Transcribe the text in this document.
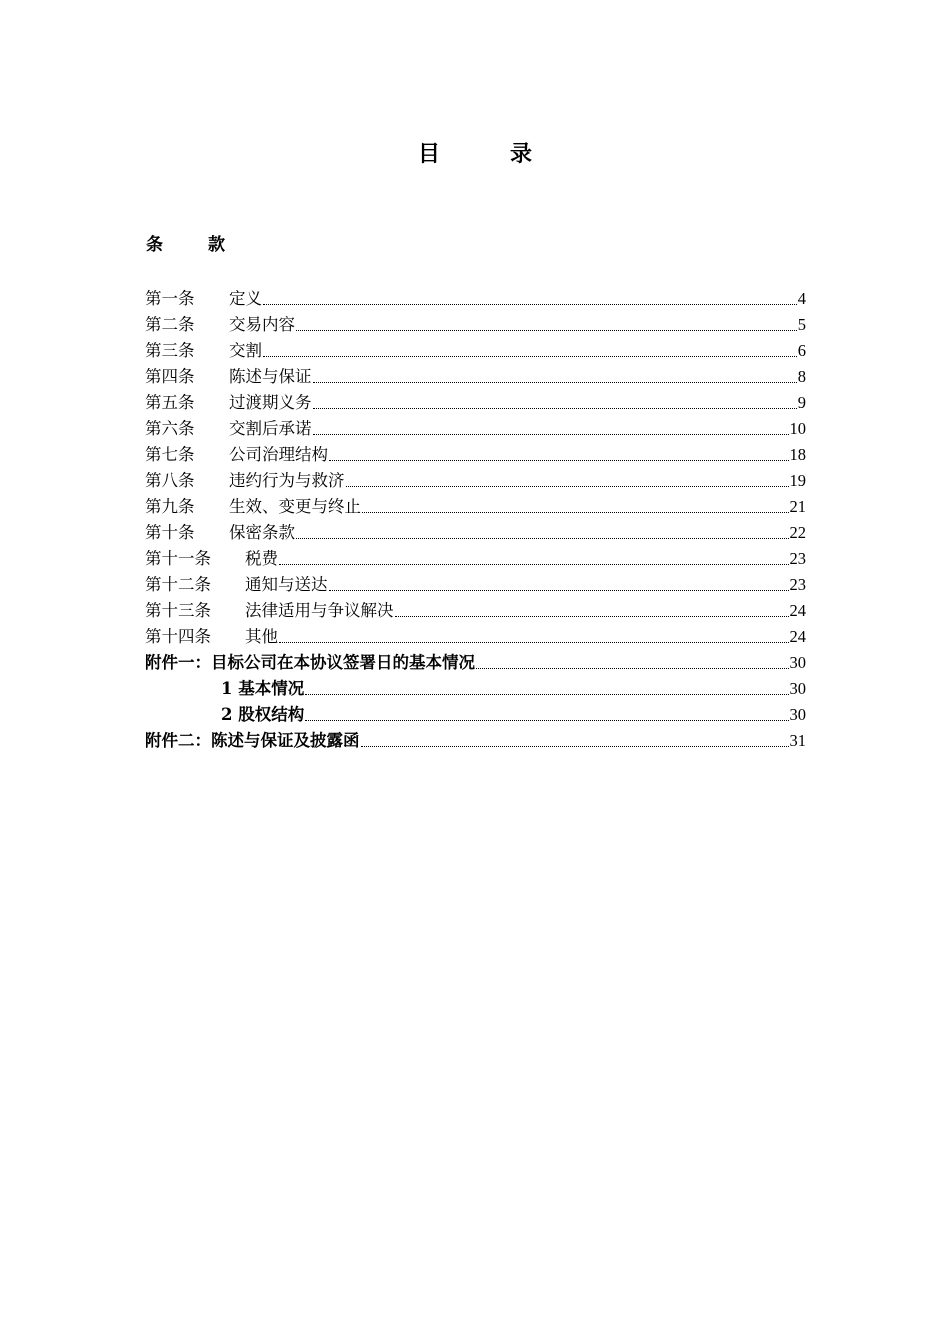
目　录
条　款
第一条	定义	4
第二条	交易内容	5
第三条	交割	6
第四条	陈述与保证	8
第五条	过渡期义务	9
第六条	交割后承诺	10
第七条	公司治理结构	18
第八条	违约行为与救济	19
第九条	生效、变更与终止	21
第十条	保密条款	22
第十一条	税费	23
第十二条	通知与送达	23
第十三条	法律适用与争议解决	24
第十四条	其他	24
附件一：目标公司在本协议签署日的基本情况	30
1 基本情况	30
2 股权结构	30
附件二：陈述与保证及披露函	31
